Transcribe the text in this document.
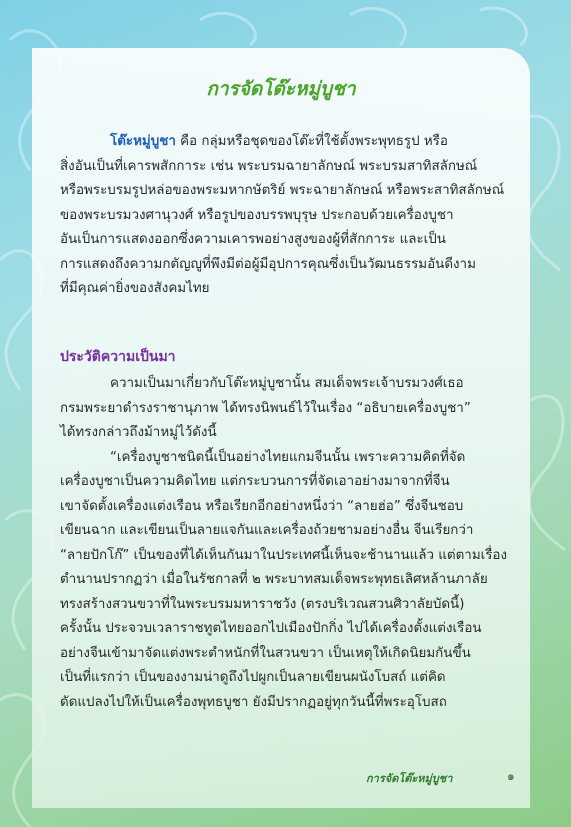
การจัดโต๊ะหมู่บูชา

โต๊ะหมู่บูชา คือ กลุ่มหรือชุดของโต๊ะที่ใช้ตั้งพระพุทธรูป หรือ
สิ่งอันเป็นที่เคารพสักการะ เช่น พระบรมฉายาลักษณ์ พระบรมสาทิสลักษณ์
หรือพระบรมรูปหล่อของพระมหากษัตริย์ พระฉายาลักษณ์ หรือพระสาทิสลักษณ์
ของพระบรมวงศานุวงศ์ หรือรูปของบรรพบุรุษ ประกอบด้วยเครื่องบูชา
อันเป็นการแสดงออกซึ่งความเคารพอย่างสูงของผู้ที่สักการะ และเป็น
การแสดงถึงความกตัญญูที่พึงมีต่อผู้มีอุปการคุณซึ่งเป็นวัฒนธรรมอันดีงาม
ที่มีคุณค่ายิ่งของสังคมไทย

ประวัติความเป็นมา

ความเป็นมาเกี่ยวกับโต๊ะหมู่บูชานั้น สมเด็จพระเจ้าบรมวงศ์เธอ
กรมพระยาดำรงราชานุภาพ ได้ทรงนิพนธ์ไว้ในเรื่อง “อธิบายเครื่องบูชา”
ได้ทรงกล่าวถึงม้าหมู่ไว้ดังนี้
“เครื่องบูชาชนิดนี้เป็นอย่างไทยแกมจีนนั้น เพราะความคิดที่จัด
เครื่องบูชาเป็นความคิดไทย แต่กระบวนการที่จัดเอาอย่างมาจากที่จีน
เขาจัดตั้งเครื่องแต่งเรือน หรือเรียกอีกอย่างหนึ่งว่า “ลายฮ่อ” ซึ่งจีนชอบ
เขียนฉาก และเขียนเป็นลายแจกันและเครื่องถ้วยชามอย่างอื่น จีนเรียกว่า
“ลายปักโก๊” เป็นของที่ได้เห็นกันมาในประเทศนี้เห็นจะช้านานแล้ว แต่ตามเรื่อง
ตำนานปรากฏว่า เมื่อในรัชกาลที่ ๒ พระบาทสมเด็จพระพุทธเลิศหล้านภาลัย
ทรงสร้างสวนขวาที่ในพระบรมมหาราชวัง (ตรงบริเวณสวนศิวาลัยบัดนี้)
ครั้งนั้น ประจวบเวลาราชทูตไทยออกไปเมืองปักกิ่ง ไปได้เครื่องตั้งแต่งเรือน
อย่างจีนเข้ามาจัดแต่งพระตำหนักที่ในสวนขวา เป็นเหตุให้เกิดนิยมกันขึ้น
เป็นที่แรกว่า เป็นของงามน่าดูถึงไปผูกเป็นลายเขียนผนังโบสถ์ แต่คิด
ดัดแปลงไปให้เป็นเครื่องพุทธบูชา ยังมีปรากฏอยู่ทุกวันนี้ที่พระอุโบสถ

การจัดโต๊ะหมู่บูชา	๑
